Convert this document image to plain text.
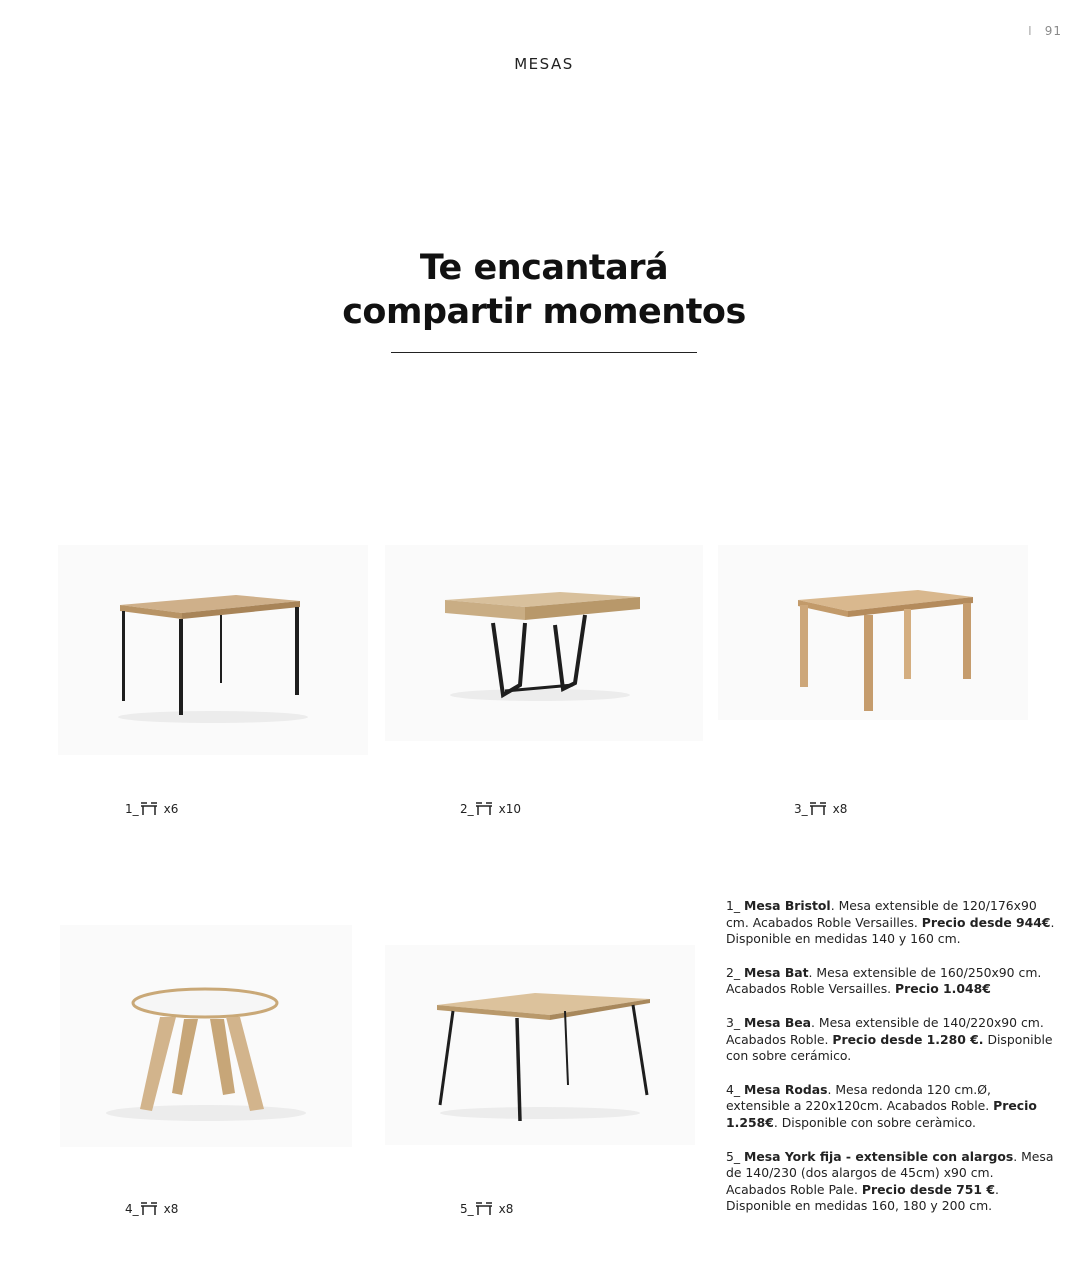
I 91
MESAS
Te encantará
compartir momentos
1_ x6	2_ x10	3_ x8
4_ x8	5_ x8

1_ Mesa Bristol. Mesa extensible de 120/176x90 cm. Acabados Roble Versailles. Precio desde 944€. Disponible en medidas 140 y 160 cm.

2_ Mesa Bat. Mesa extensible de 160/250x90 cm. Acabados Roble Versailles. Precio 1.048€

3_ Mesa Bea. Mesa extensible de 140/220x90 cm. Acabados Roble. Precio desde 1.280 €. Disponible con sobre cerámico.

4_ Mesa Rodas. Mesa redonda 120 cm.Ø, extensible a 220x120cm. Acabados Roble. Precio 1.258€. Disponible con sobre ceràmico.

5_ Mesa York fija - extensible con alargos. Mesa de 140/230 (dos alargos de 45cm) x90 cm. Acabados Roble Pale. Precio desde 751 €. Disponible en medidas 160, 180 y 200 cm.
